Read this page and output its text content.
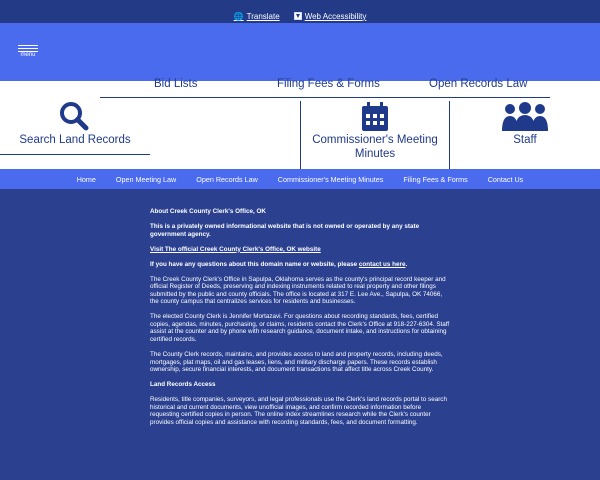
🌐 Translate	Web Accessibility
menu
Bid Lists	Filing Fees & Forms	Open Records Law
Search Land Records	Commissioner's Meeting
Minutes
Staff
Home	Open Meeting Law	Open Records Law	Commissioner's Meeting Minutes	Filing Fees & Forms	Contact Us

About Creek County Clerk's Office, OK

This is a privately owned informational website that is not owned or operated by any state government agency.

Visit The official Creek County Clerk's Office, OK website

If you have any questions about this domain name or website, please contact us here.

The Creek County Clerk's Office in Sapulpa, Oklahoma serves as the county's principal record keeper and official Register of Deeds, preserving and indexing instruments related to real property and other filings submitted by the public and county officials. The office is located at 317 E. Lee Ave., Sapulpa, OK 74066, the county campus that centralizes services for residents and businesses.

The elected County Clerk is Jennifer Mortazavi. For questions about recording standards, fees, certified copies, agendas, minutes, purchasing, or claims, residents contact the Clerk's Office at 918-227-6304. Staff assist at the counter and by phone with research guidance, document intake, and instructions for obtaining certified records.

The County Clerk records, maintains, and provides access to land and property records, including deeds, mortgages, plat maps, oil and gas leases, liens, and military discharge papers. These records establish ownership, secure financial interests, and document transactions that affect title across Creek County.

Land Records Access

Residents, title companies, surveyors, and legal professionals use the Clerk's land records portal to search historical and current documents, view unofficial images, and confirm recorded information before requesting certified copies in person. The online index streamlines research while the Clerk's counter provides official copies and assistance with recording standards, fees, and document formatting.
